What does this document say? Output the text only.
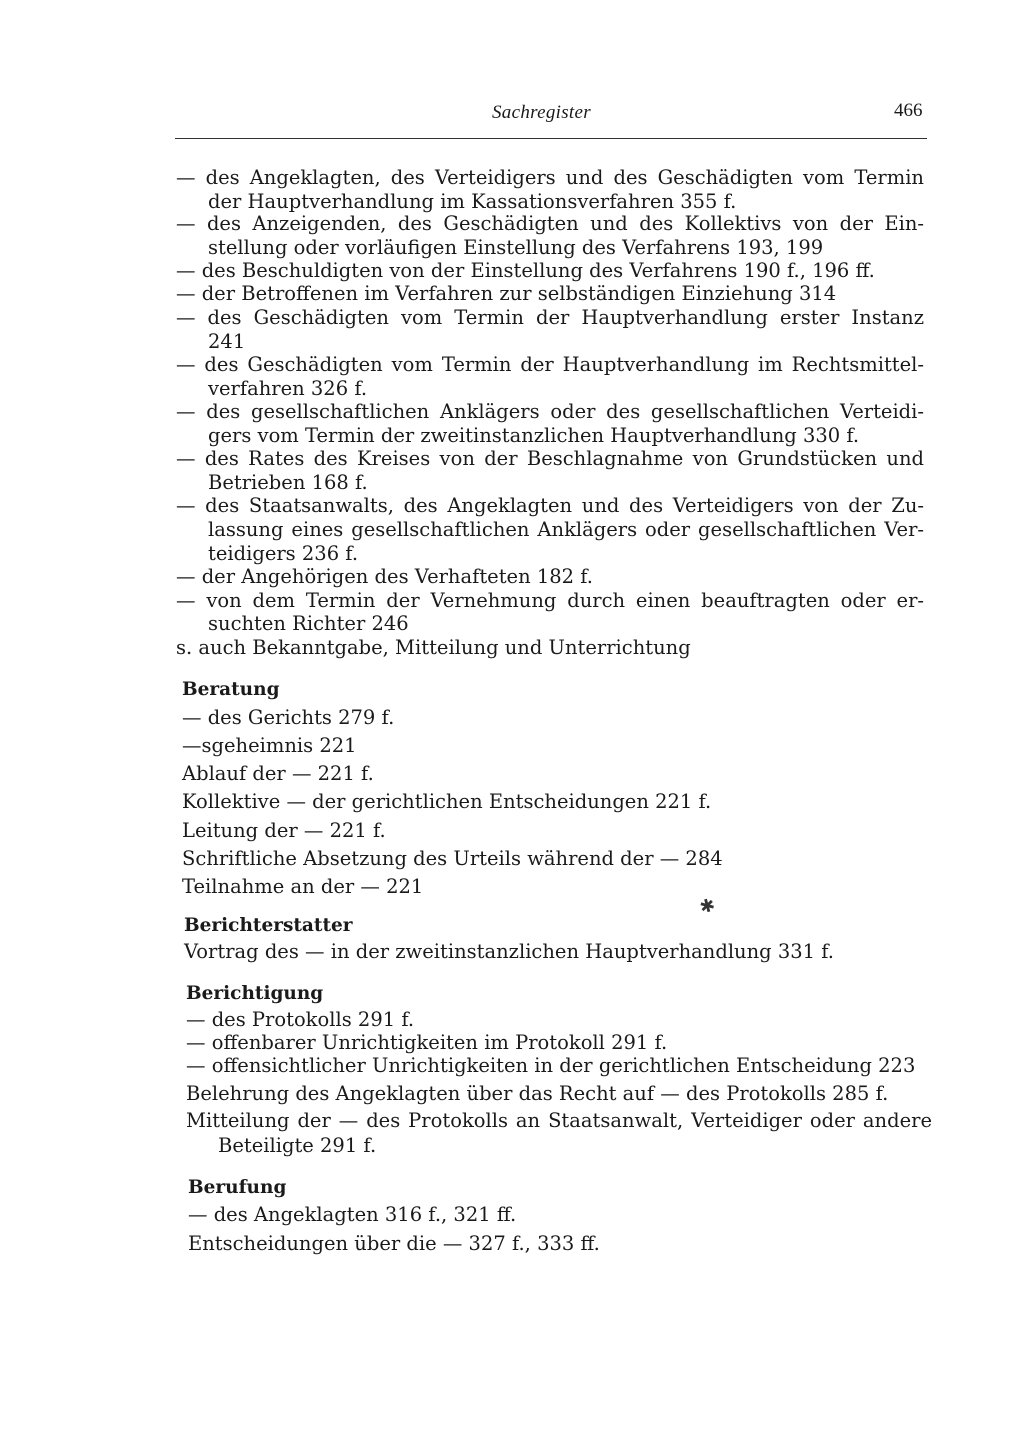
Sachregister	466
— des Angeklagten, des Verteidigers und des Geschädigten vom Termin
der Hauptverhandlung im Kassationsverfahren 355 f.
— des Anzeigenden, des Geschädigten und des Kollektivs von der Ein-
stellung oder vorläufigen Einstellung des Verfahrens 193, 199
— des Beschuldigten von der Einstellung des Verfahrens 190 f., 196 ff.
— der Betroffenen im Verfahren zur selbständigen Einziehung 314
— des Geschädigten vom Termin der Hauptverhandlung erster Instanz
241
— des Geschädigten vom Termin der Hauptverhandlung im Rechtsmittel-
verfahren 326 f.
— des gesellschaftlichen Anklägers oder des gesellschaftlichen Verteidi-
gers vom Termin der zweitinstanzlichen Hauptverhandlung 330 f.
— des Rates des Kreises von der Beschlagnahme von Grundstücken und
Betrieben 168 f.
— des Staatsanwalts, des Angeklagten und des Verteidigers von der Zu-
lassung eines gesellschaftlichen Anklägers oder gesellschaftlichen Ver-
teidigers 236 f.
— der Angehörigen des Verhafteten 182 f.
— von dem Termin der Vernehmung durch einen beauftragten oder er-
suchten Richter 246
s. auch Bekanntgabe, Mitteilung und Unterrichtung
Beratung
— des Gerichts 279 f.
—sgeheimnis 221
Ablauf der — 221 f.
Kollektive — der gerichtlichen Entscheidungen 221 f.
Leitung der — 221 f.
Schriftliche Absetzung des Urteils während der — 284
Teilnahme an der — 221
✱
Berichterstatter
Vortrag des — in der zweitinstanzlichen Hauptverhandlung 331 f.
Berichtigung
— des Protokolls 291 f.
— offenbarer Unrichtigkeiten im Protokoll 291 f.
— offensichtlicher Unrichtigkeiten in der gerichtlichen Entscheidung 223
Belehrung des Angeklagten über das Recht auf — des Protokolls 285 f.
Mitteilung der — des Protokolls an Staatsanwalt, Verteidiger oder andere
Beteiligte 291 f.
Berufung
— des Angeklagten 316 f., 321 ff.
Entscheidungen über die — 327 f., 333 ff.
